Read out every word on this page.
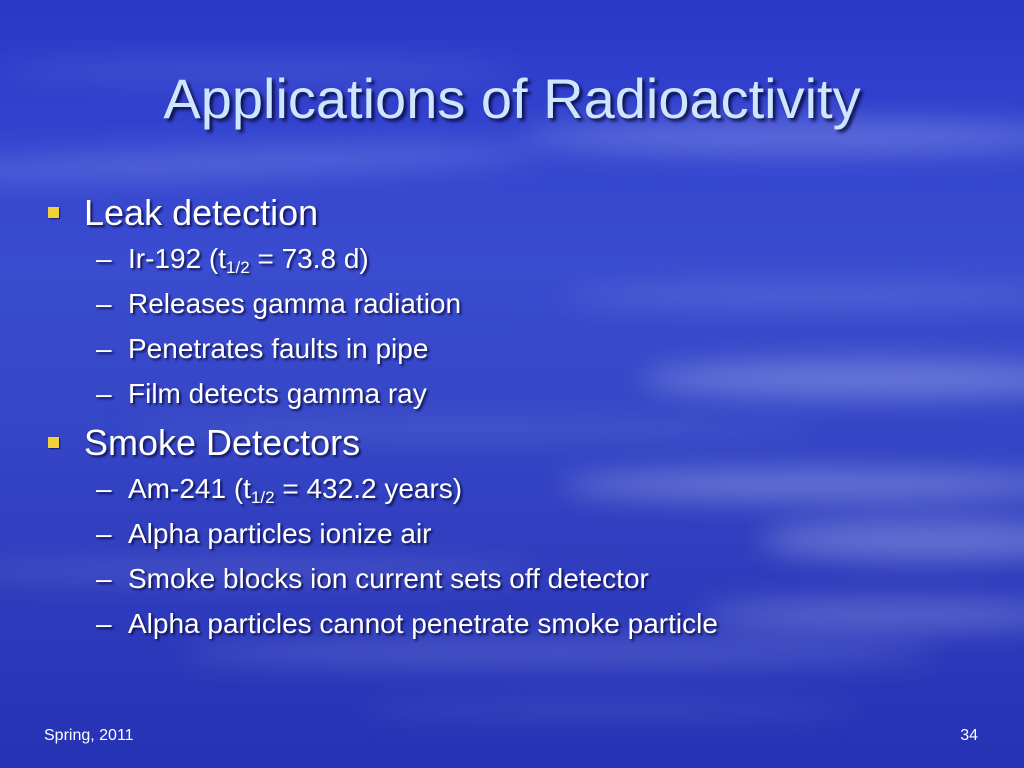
Applications of Radioactivity
Leak detection
– Ir-192 ($t_{1/2} = 73.8$ d)
– Releases gamma radiation
– Penetrates faults in pipe
– Film detects gamma ray
Smoke Detectors
– Am-241 ($t_{1/2} = 432.2$ years)
– Alpha particles ionize air
– Smoke blocks ion current sets off detector
– Alpha particles cannot penetrate smoke particle
Spring, 2011	34
